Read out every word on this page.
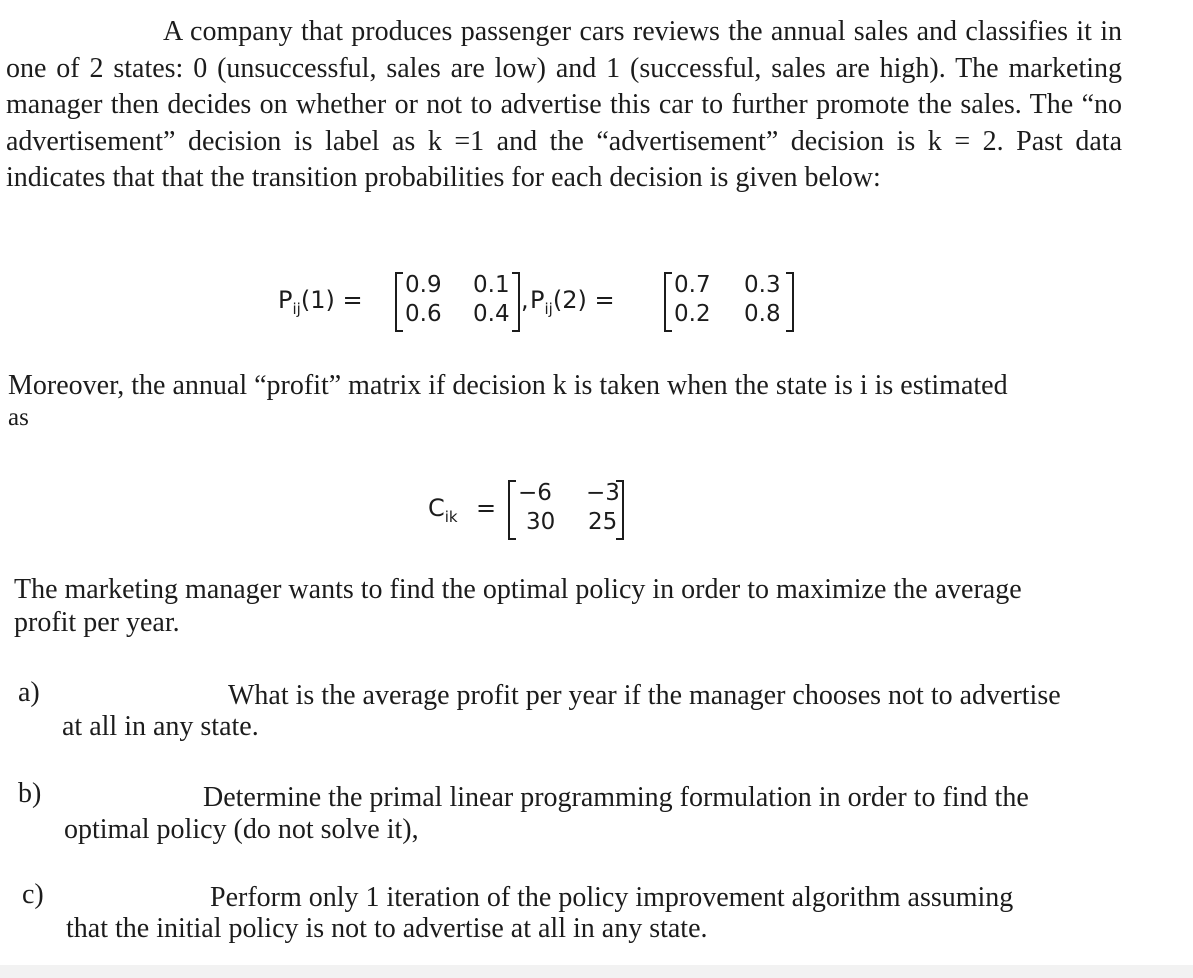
A company that produces passenger cars reviews the annual sales and classifies it in one of 2 states: 0 (unsuccessful, sales are low) and 1 (successful, sales are high). The marketing manager then decides on whether or not to advertise this car to further promote the sales. The “no advertisement” decision is label as k =1 and the “advertisement” decision is k = 2. Past data indicates that that the transition probabilities for each decision is given below:
$P_{ij}(1)$ =
0.9 0.1
0.6 0.4 , $P_{ij}(2)$ =
0.7 0.3
0.2 0.8
Moreover, the annual “profit” matrix if decision k is taken when the state is i is estimated
as
$C_{ik}$ =
−6 −3
30 25
The marketing manager wants to find the optimal policy in order to maximize the average
profit per year.
a)	What is the average profit per year if the manager chooses not to advertise
at all in any state.
b)	Determine the primal linear programming formulation in order to find the
optimal policy (do not solve it),
c)	Perform only 1 iteration of the policy improvement algorithm assuming
that the initial policy is not to advertise at all in any state.
